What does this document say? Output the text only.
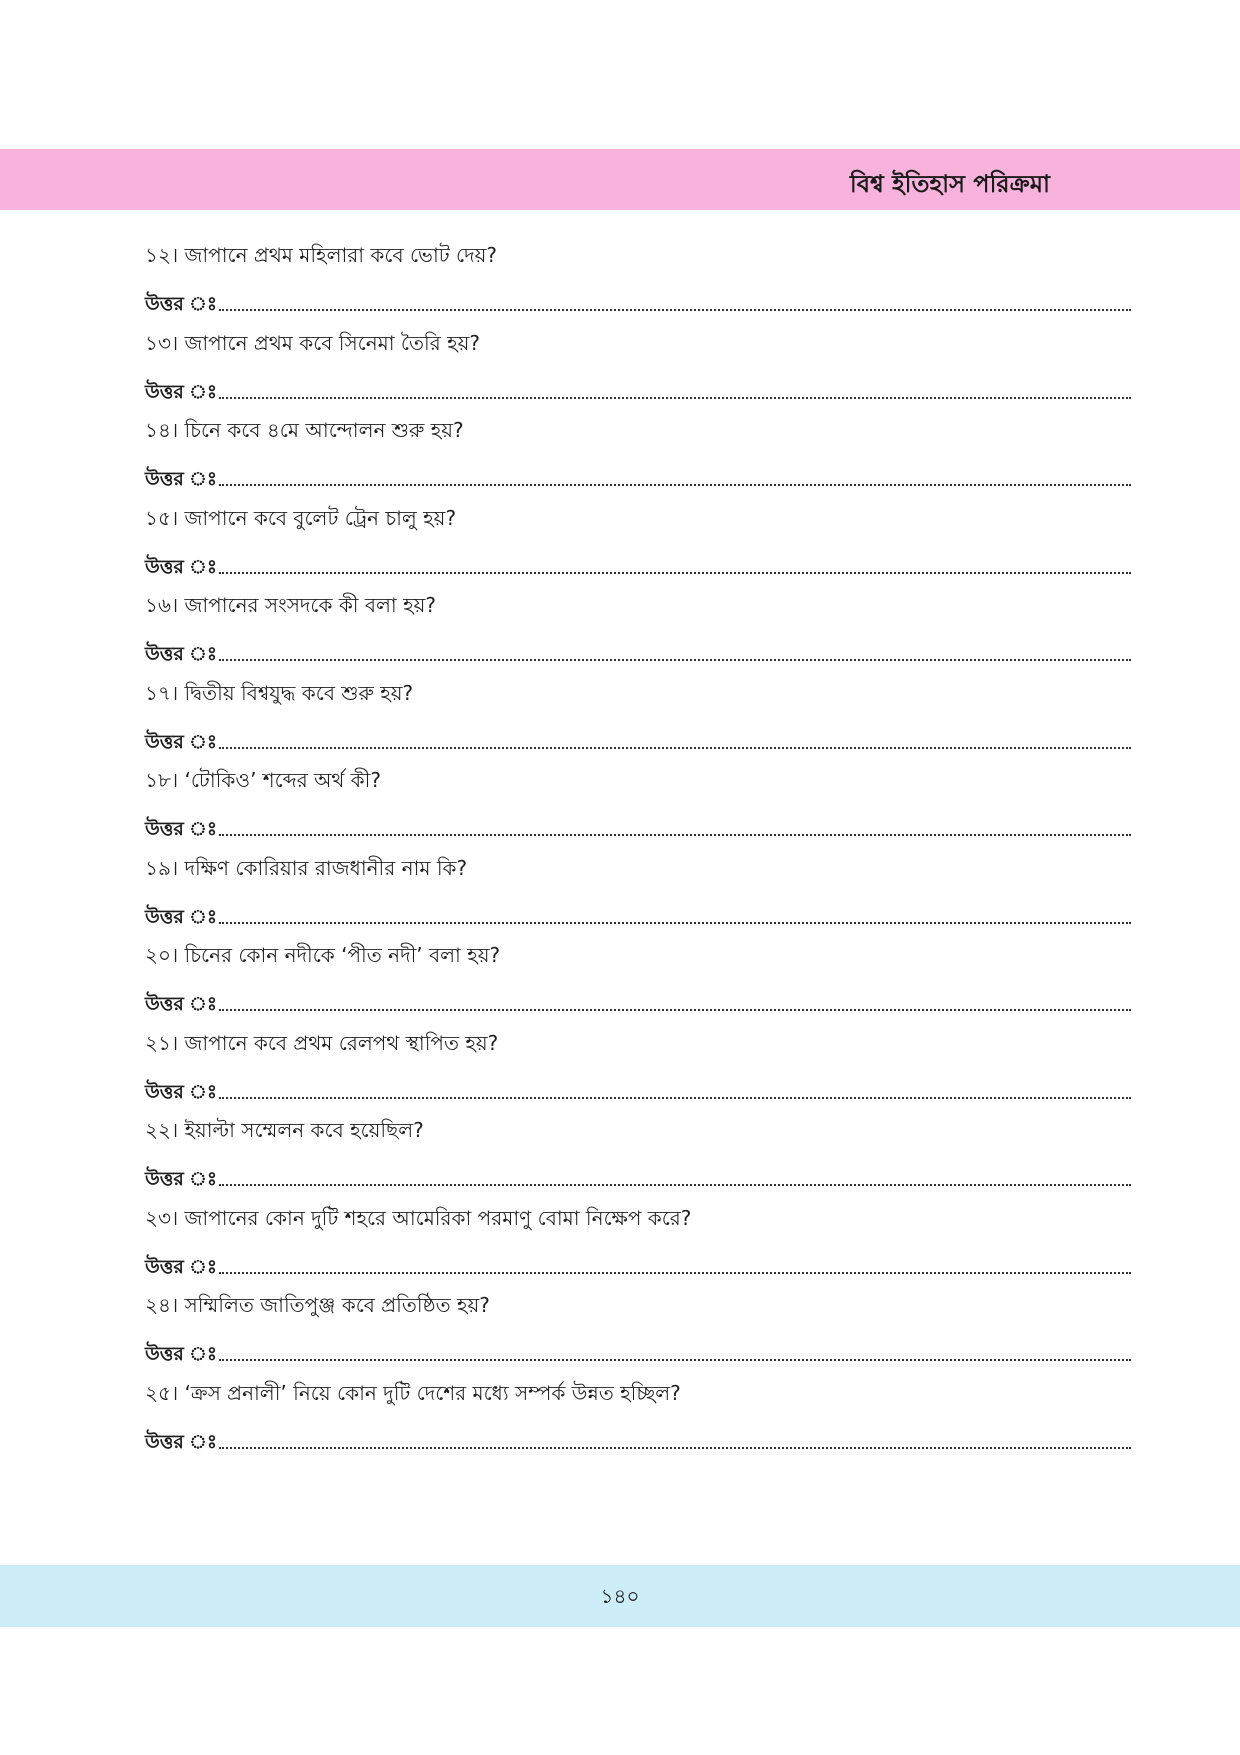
বিশ্ব ইতিহাস পরিক্রমা
১২। জাপানে প্রথম মহিলারা কবে ভোট দেয়?
উত্তর ঃ
১৩। জাপানে প্রথম কবে সিনেমা তৈরি হয়?
উত্তর ঃ
১৪। চিনে কবে ৪মে আন্দোলন শুরু হয়?
উত্তর ঃ
১৫। জাপানে কবে বুলেট ট্রেন চালু হয়?
উত্তর ঃ
১৬। জাপানের সংসদকে কী বলা হয়?
উত্তর ঃ
১৭। দ্বিতীয় বিশ্বযুদ্ধ কবে শুরু হয়?
উত্তর ঃ
১৮। ‘টোকিও’ শব্দের অর্থ কী?
উত্তর ঃ
১৯। দক্ষিণ কোরিয়ার রাজধানীর নাম কি?
উত্তর ঃ
২০। চিনের কোন নদীকে ‘পীত নদী’ বলা হয়?
উত্তর ঃ
২১। জাপানে কবে প্রথম রেলপথ স্থাপিত হয়?
উত্তর ঃ
২২। ইয়াল্টা সম্মেলন কবে হয়েছিল?
উত্তর ঃ
২৩। জাপানের কোন দুটি শহরে আমেরিকা পরমাণু বোমা নিক্ষেপ করে?
উত্তর ঃ
২৪। সম্মিলিত জাতিপুঞ্জ কবে প্রতিষ্ঠিত হয়?
উত্তর ঃ
২৫। ‘ক্রস প্রনালী’ নিয়ে কোন দুটি দেশের মধ্যে সম্পর্ক উন্নত হচ্ছিল?
উত্তর ঃ
১৪০
